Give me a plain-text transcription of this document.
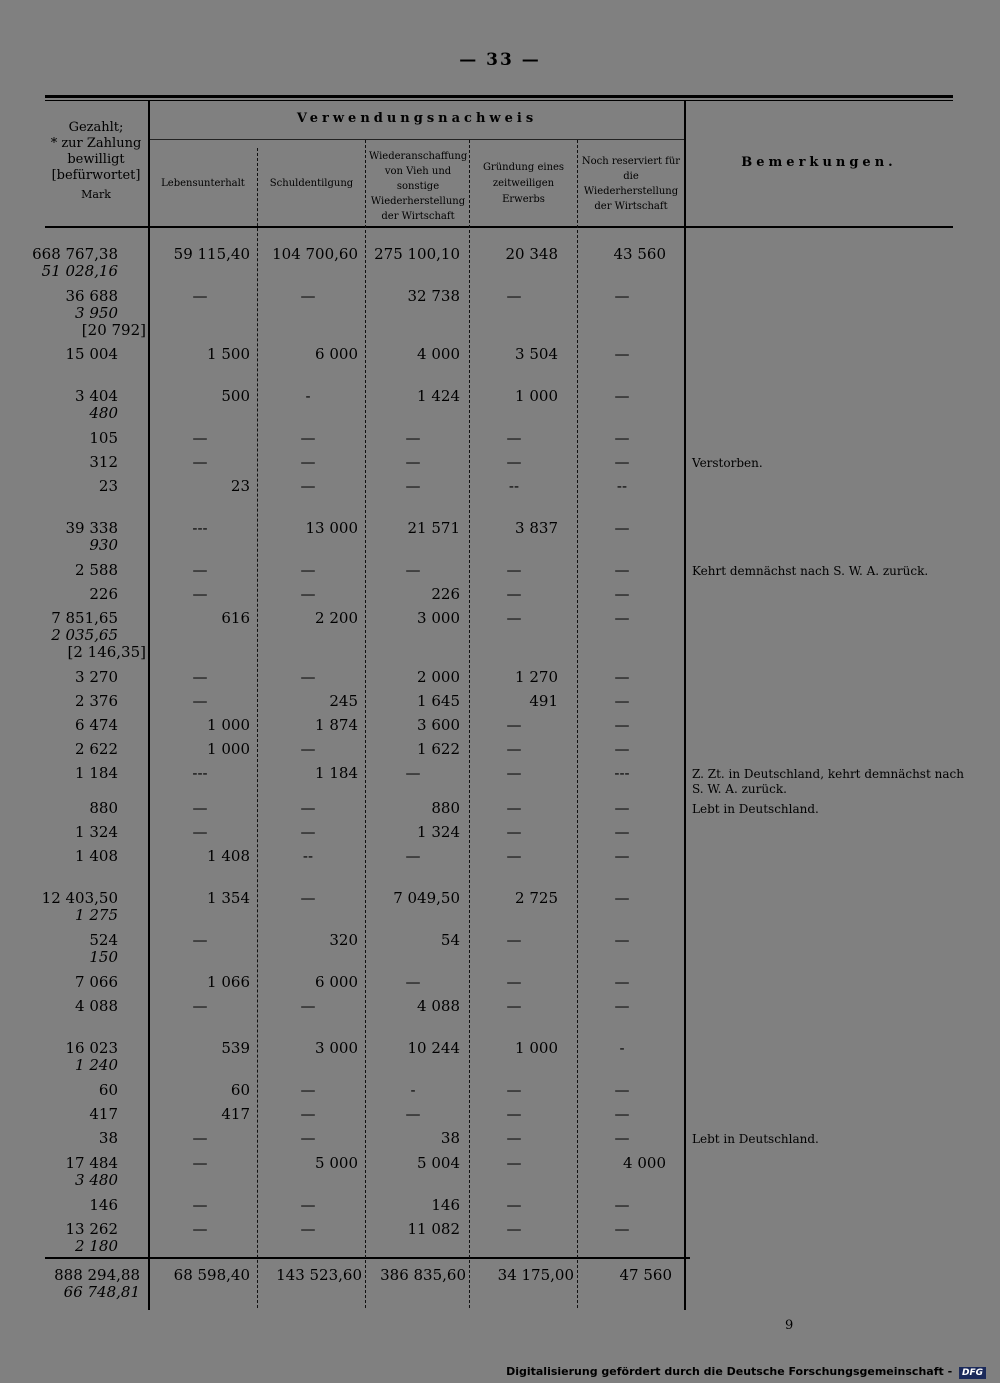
— 33 —
Gezahlt;
* zur Zahlung
bewilligt
[befürwortet]
Mark
Verwendungsnachweis
Lebensunterhalt	Schuldentilgung
Wiederanschaffung von Vieh und sonstige Wiederherstellung der Wirtschaft
Gründung eines zeitweiligen Erwerbs
Noch reserviert für die Wiederherstellung der Wirtschaft
Bemerkungen.
668 767,38
51 028,16
59 115,40	104 700,60	275 100,10	20 348	43 560
36 688
3 950
[20 792]
—	—	32 738	—	—
15 004	1 500	6 000	4 000	3 504	—
3 404
480
500	-	1 424	1 000	—
105	—	—	—	—	—
312	—	—	—	—	—	Verstorben.
23	23	—	—	--	--
39 338
930
---	13 000	21 571	3 837	—
2 588	—	—	—	—	—	Kehrt demnächst nach S. W. A. zurück.
226	—	—	226	—	—
7 851,65
2 035,65
[2 146,35]
616	2 200	3 000	—	—
3 270	—	—	2 000	1 270	—
2 376	—	245	1 645	491	—
6 474	1 000	1 874	3 600	—	—
2 622	1 000	—	1 622	—	—
1 184	---	1 184	—	—	---	Z. Zt. in Deutschland, kehrt demnächst nach
S. W. A. zurück.
880	—	—	880	—	—	Lebt in Deutschland.
1 324	—	—	1 324	—	—
1 408	1 408	--	—	—	—
12 403,50
1 275
1 354	—	7 049,50	2 725	—
524
150
—	320	54	—	—
7 066	1 066	6 000	—	—	—
4 088	—	—	4 088	—	—
16 023
1 240
539	3 000	10 244	1 000	-
60	60	—	-	—	—
417	417	—	—	—	—
38	—	—	38	—	—	Lebt in Deutschland.
17 484
3 480
—	5 000	5 004	—	4 000
146	—	—	146	—	—
13 262
2 180
—	—	11 082	—	—
888 294,88
66 748,81
68 598,40	143 523,60	386 835,60	34 175,00	47 560
9
Digitalisierung gefördert durch die Deutsche Forschungsgemeinschaft - DFG
